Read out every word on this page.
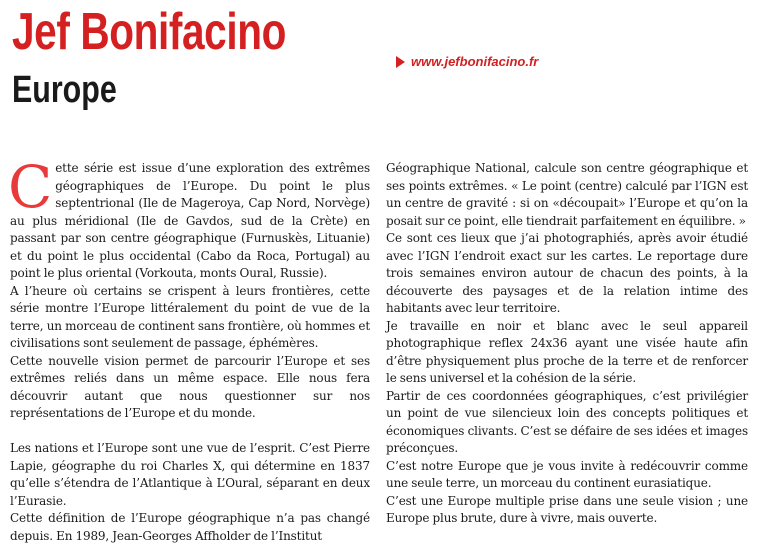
Jef Bonifacino
Europe
www.jefbonifacino.fr

Cette série est issue d’une exploration des extrêmes géographiques de l’Europe. Du point le plus septentrional (Ile de Mageroya, Cap Nord, Norvège) au plus méridional (Ile de Gavdos, sud de la Crète) en passant par son centre géographique (Furnuskès, Lituanie) et du point le plus occidental (Cabo da Roca, Portugal) au point le plus oriental (Vorkouta, monts Oural, Russie).

A l’heure où certains se crispent à leurs frontières, cette série montre l’Europe littéralement du point de vue de la terre, un morceau de continent sans frontière, où hommes et civilisations sont seulement de passage, éphémères.

Cette nouvelle vision permet de parcourir l’Europe et ses extrêmes reliés dans un même espace. Elle nous fera découvrir autant que nous questionner sur nos représentations de l’Europe et du monde.

Les nations et l’Europe sont une vue de l’esprit. C’est Pierre Lapie, géographe du roi Charles X, qui détermine en 1837 qu’elle s’étendra de l’Atlantique à L’Oural, séparant en deux l’Eurasie.

Cette définition de l’Europe géographique n’a pas changé depuis. En 1989, Jean-Georges Affholder de l’Institut

Géographique National, calcule son centre géographique et ses points extrêmes. « Le point (centre) calculé par l’IGN est un centre de gravité : si on «découpait» l’Europe et qu’on la posait sur ce point, elle tiendrait parfaitement en équilibre. »

Ce sont ces lieux que j’ai photographiés, après avoir étudié avec l’IGN l’endroit exact sur les cartes. Le reportage dure trois semaines environ autour de chacun des points, à la découverte des paysages et de la relation intime des habitants avec leur territoire.

Je travaille en noir et blanc avec le seul appareil photographique reflex 24x36 ayant une visée haute afin d’être physiquement plus proche de la terre et de renforcer le sens universel et la cohésion de la série.

Partir de ces coordonnées géographiques, c’est privilégier un point de vue silencieux loin des concepts politiques et économiques clivants. C’est se défaire de ses idées et images préconçues.

C’est notre Europe que je vous invite à redécouvrir comme une seule terre, un morceau du continent eurasiatique.

C’est une Europe multiple prise dans une seule vision ; une Europe plus brute, dure à vivre, mais ouverte.
